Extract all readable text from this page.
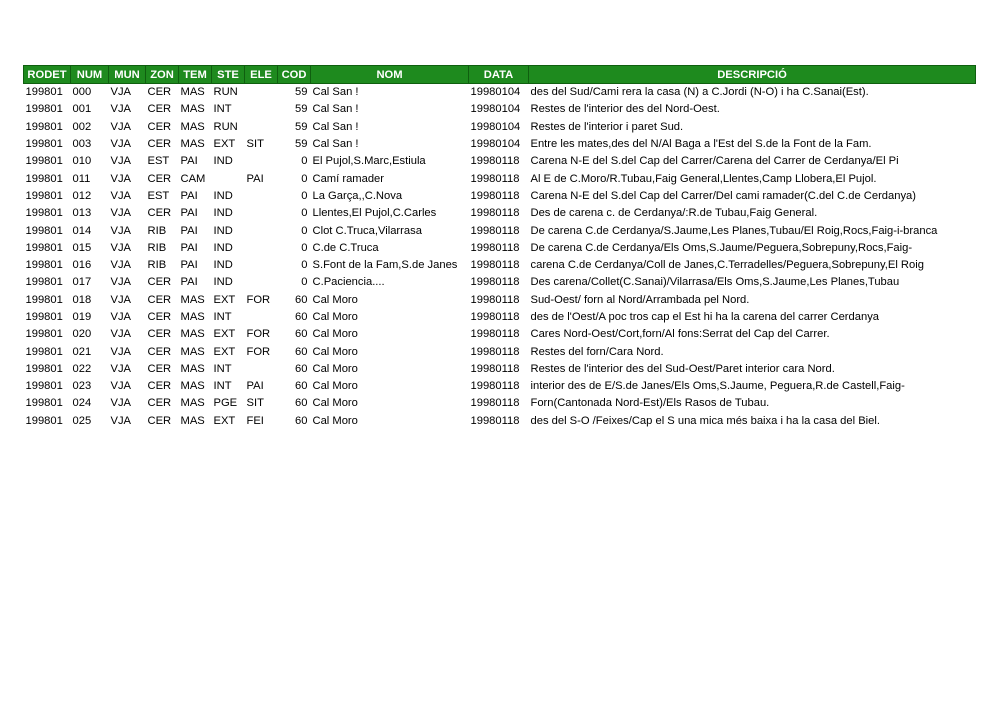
RODET	NUM	MUN	ZON	TEM	STE	ELE	COD	NOM	DATA	DESCRIPCIÓ
199801	000	VJA	CER	MAS	RUN		59	Cal San !	19980104	des del Sud/Cami rera la casa (N) a C.Jordi (N-O) i ha C.Sanai(Est).
199801	001	VJA	CER	MAS	INT		59	Cal San !	19980104	Restes de l'interior des del Nord-Oest.
199801	002	VJA	CER	MAS	RUN		59	Cal San !	19980104	Restes de l'interior i paret Sud.
199801	003	VJA	CER	MAS	EXT	SIT	59	Cal San !	19980104	Entre les mates,des del N/Al Baga a l'Est del S.de la Font de la Fam.
199801	010	VJA	EST	PAI	IND		0	El Pujol,S.Marc,Estiula	19980118	Carena N-E del S.del Cap del Carrer/Carena del Carrer de Cerdanya/El Pi
199801	011	VJA	CER	CAM		PAI	0	Camí ramader	19980118	Al E de C.Moro/R.Tubau,Faig General,Llentes,Camp Llobera,El Pujol.
199801	012	VJA	EST	PAI	IND		0	La Garça,,C.Nova	19980118	Carena N-E del S.del Cap del Carrer/Del cami ramader(C.del C.de Cerdanya)
199801	013	VJA	CER	PAI	IND		0	Llentes,El Pujol,C.Carles	19980118	Des de carena c. de Cerdanya/:R.de Tubau,Faig General.
199801	014	VJA	RIB	PAI	IND		0	Clot C.Truca,Vilarrasa	19980118	De carena C.de Cerdanya/S.Jaume,Les Planes,Tubau/El Roig,Rocs,Faig-i-branca
199801	015	VJA	RIB	PAI	IND		0	C.de C.Truca	19980118	De carena C.de Cerdanya/Els Oms,S.Jaume/Peguera,Sobrepuny,Rocs,Faig-
199801	016	VJA	RIB	PAI	IND		0	S.Font de la Fam,S.de Janes	19980118	carena C.de Cerdanya/Coll de Janes,C.Terradelles/Peguera,Sobrepuny,El Roig
199801	017	VJA	CER	PAI	IND		0	C.Paciencia....	19980118	Des carena/Collet(C.Sanai)/Vilarrasa/Els Oms,S.Jaume,Les Planes,Tubau
199801	018	VJA	CER	MAS	EXT	FOR	60	Cal Moro	19980118	Sud-Oest/ forn al Nord/Arrambada pel Nord.
199801	019	VJA	CER	MAS	INT		60	Cal Moro	19980118	des de l'Oest/A poc tros cap el Est hi ha la carena del carrer Cerdanya
199801	020	VJA	CER	MAS	EXT	FOR	60	Cal Moro	19980118	Cares Nord-Oest/Cort,forn/Al fons:Serrat del Cap del Carrer.
199801	021	VJA	CER	MAS	EXT	FOR	60	Cal Moro	19980118	Restes del forn/Cara Nord.
199801	022	VJA	CER	MAS	INT		60	Cal Moro	19980118	Restes de l'interior des del Sud-Oest/Paret interior cara Nord.
199801	023	VJA	CER	MAS	INT	PAI	60	Cal Moro	19980118	interior des de E/S.de Janes/Els Oms,S.Jaume, Peguera,R.de Castell,Faig-
199801	024	VJA	CER	MAS	PGE	SIT	60	Cal Moro	19980118	Forn(Cantonada Nord-Est)/Els Rasos de Tubau.
199801	025	VJA	CER	MAS	EXT	FEI	60	Cal Moro	19980118	des del S-O /Feixes/Cap el S una mica més baixa i ha la casa del Biel.
